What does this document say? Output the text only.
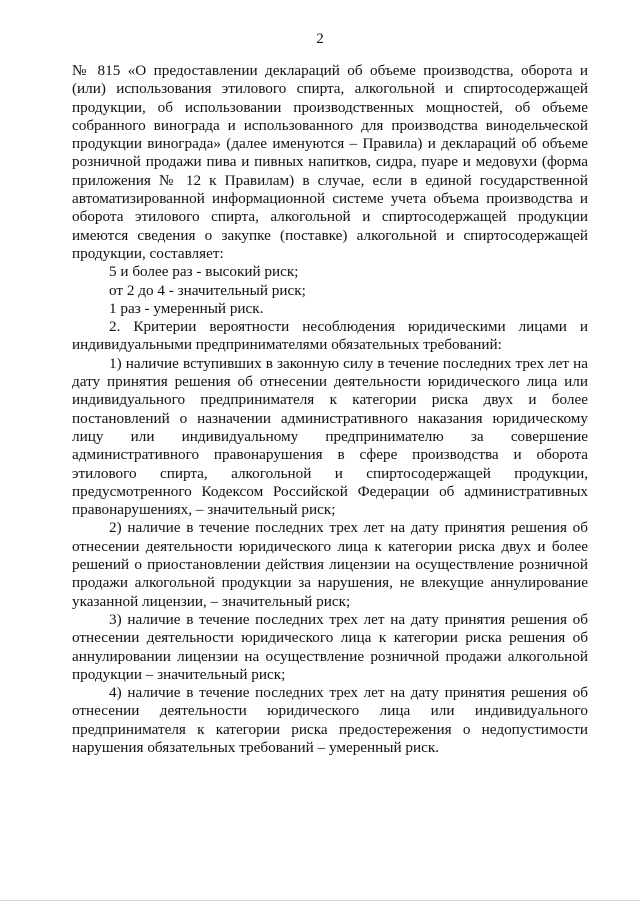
2

№ 815 «О предоставлении деклараций об объеме производства, оборота и (или) использования этилового спирта, алкогольной и спиртосодержащей продукции, об использовании производственных мощностей, об объеме собранного винограда и использованного для производства винодельческой продукции винограда» (далее именуются – Правила) и деклараций об объеме розничной продажи пива и пивных напитков, сидра, пуаре и медовухи (форма приложения № 12 к Правилам) в случае, если в единой государственной автоматизированной информационной системе учета объема производства и оборота этилового спирта, алкогольной и спиртосодержащей продукции имеются сведения о закупке (поставке) алкогольной и спиртосодержащей продукции, составляет:

5 и более раз - высокий риск;

от 2 до 4 - значительный риск;

1 раз - умеренный риск.

2. Критерии вероятности несоблюдения юридическими лицами и индивидуальными предпринимателями обязательных требований:

1) наличие вступивших в законную силу в течение последних трех лет на дату принятия решения об отнесении деятельности юридического лица или индивидуального предпринимателя к категории риска двух и более постановлений о назначении административного наказания юридическому лицу или индивидуальному предпринимателю за совершение административного правонарушения в сфере производства и оборота этилового спирта, алкогольной и спиртосодержащей продукции, предусмотренного Кодексом Российской Федерации об административных правонарушениях, – значительный риск;

2) наличие в течение последних трех лет на дату принятия решения об отнесении деятельности юридического лица к категории риска двух и более решений о приостановлении действия лицензии на осуществление розничной продажи алкогольной продукции за нарушения, не влекущие аннулирование указанной лицензии, – значительный риск;

3) наличие в течение последних трех лет на дату принятия решения об отнесении деятельности юридического лица к категории риска решения об аннулировании лицензии на осуществление розничной продажи алкогольной продукции – значительный риск;

4) наличие в течение последних трех лет на дату принятия решения об отнесении деятельности юридического лица или индивидуального предпринимателя к категории риска предостережения о недопустимости нарушения обязательных требований – умеренный риск.
